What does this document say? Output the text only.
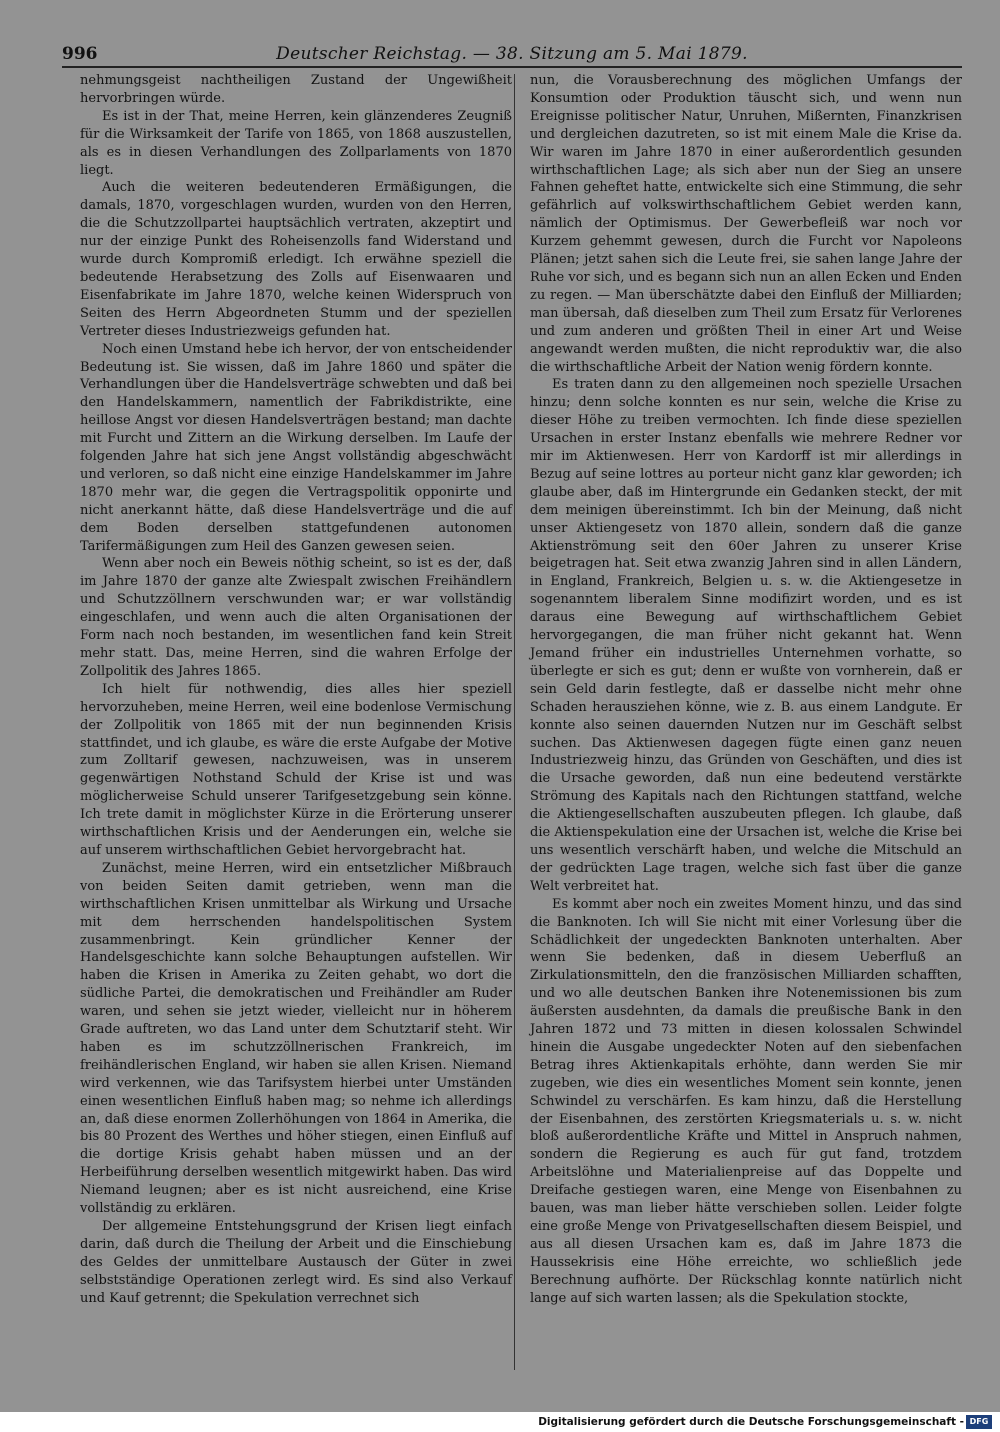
996	Deutscher Reichstag. — 38. Sitzung am 5. Mai 1879.

nehmungsgeist nachtheiligen Zustand der Ungewißheit hervorbringen würde.

Es ist in der That, meine Herren, kein glänzenderes Zeugniß für die Wirksamkeit der Tarife von 1865, von 1868 auszustellen, als es in diesen Verhandlungen des Zollparlaments von 1870 liegt.

Auch die weiteren bedeutenderen Ermäßigungen, die damals, 1870, vorgeschlagen wurden, wurden von den Herren, die die Schutzzollpartei hauptsächlich vertraten, akzeptirt und nur der einzige Punkt des Roheisenzolls fand Widerstand und wurde durch Kompromiß erledigt. Ich erwähne speziell die bedeutende Herabsetzung des Zolls auf Eisenwaaren und Eisenfabrikate im Jahre 1870, welche keinen Widerspruch von Seiten des Herrn Abgeordneten Stumm und der speziellen Vertreter dieses Industriezweigs gefunden hat.

Noch einen Umstand hebe ich hervor, der von entscheidender Bedeutung ist. Sie wissen, daß im Jahre 1860 und später die Verhandlungen über die Handelsverträge schwebten und daß bei den Handelskammern, namentlich der Fabrikdistrikte, eine heillose Angst vor diesen Handelsverträgen bestand; man dachte mit Furcht und Zittern an die Wirkung derselben. Im Laufe der folgenden Jahre hat sich jene Angst vollständig abgeschwächt und verloren, so daß nicht eine einzige Handelskammer im Jahre 1870 mehr war, die gegen die Vertragspolitik opponirte und nicht anerkannt hätte, daß diese Handelsverträge und die auf dem Boden derselben stattgefundenen autonomen Tarifermäßigungen zum Heil des Ganzen gewesen seien.

Wenn aber noch ein Beweis nöthig scheint, so ist es der, daß im Jahre 1870 der ganze alte Zwiespalt zwischen Freihändlern und Schutzzöllnern verschwunden war; er war vollständig eingeschlafen, und wenn auch die alten Organisationen der Form nach noch bestanden, im wesentlichen fand kein Streit mehr statt. Das, meine Herren, sind die wahren Erfolge der Zollpolitik des Jahres 1865.

Ich hielt für nothwendig, dies alles hier speziell hervorzuheben, meine Herren, weil eine bodenlose Vermischung der Zollpolitik von 1865 mit der nun beginnenden Krisis stattfindet, und ich glaube, es wäre die erste Aufgabe der Motive zum Zolltarif gewesen, nachzuweisen, was in unserem gegenwärtigen Nothstand Schuld der Krise ist und was möglicherweise Schuld unserer Tarifgesetzgebung sein könne. Ich trete damit in möglichster Kürze in die Erörterung unserer wirthschaftlichen Krisis und der Aenderungen ein, welche sie auf unserem wirthschaftlichen Gebiet hervorgebracht hat.

Zunächst, meine Herren, wird ein entsetzlicher Mißbrauch von beiden Seiten damit getrieben, wenn man die wirthschaftlichen Krisen unmittelbar als Wirkung und Ursache mit dem herrschenden handelspolitischen System zusammenbringt. Kein gründlicher Kenner der Handelsgeschichte kann solche Behauptungen aufstellen. Wir haben die Krisen in Amerika zu Zeiten gehabt, wo dort die südliche Partei, die demokratischen und Freihändler am Ruder waren, und sehen sie jetzt wieder, vielleicht nur in höherem Grade auftreten, wo das Land unter dem Schutztarif steht. Wir haben es im schutzzöllnerischen Frankreich, im freihändlerischen England, wir haben sie allen Krisen. Niemand wird verkennen, wie das Tarifsystem hierbei unter Umständen einen wesentlichen Einfluß haben mag; so nehme ich allerdings an, daß diese enormen Zollerhöhungen von 1864 in Amerika, die bis 80 Prozent des Werthes und höher stiegen, einen Einfluß auf die dortige Krisis gehabt haben müssen und an der Herbeiführung derselben wesentlich mitgewirkt haben. Das wird Niemand leugnen; aber es ist nicht ausreichend, eine Krise vollständig zu erklären.

Der allgemeine Entstehungsgrund der Krisen liegt einfach darin, daß durch die Theilung der Arbeit und die Einschiebung des Geldes der unmittelbare Austausch der Güter in zwei selbstständige Operationen zerlegt wird. Es sind also Verkauf und Kauf getrennt; die Spekulation verrechnet sich

nun, die Vorausberechnung des möglichen Umfangs der Konsumtion oder Produktion täuscht sich, und wenn nun Ereignisse politischer Natur, Unruhen, Mißernten, Finanzkrisen und dergleichen dazutreten, so ist mit einem Male die Krise da. Wir waren im Jahre 1870 in einer außerordentlich gesunden wirthschaftlichen Lage; als sich aber nun der Sieg an unsere Fahnen geheftet hatte, entwickelte sich eine Stimmung, die sehr gefährlich auf volkswirthschaftlichem Gebiet werden kann, nämlich der Optimismus. Der Gewerbefleiß war noch vor Kurzem gehemmt gewesen, durch die Furcht vor Napoleons Plänen; jetzt sahen sich die Leute frei, sie sahen lange Jahre der Ruhe vor sich, und es begann sich nun an allen Ecken und Enden zu regen. — Man überschätzte dabei den Einfluß der Milliarden; man übersah, daß dieselben zum Theil zum Ersatz für Verlorenes und zum anderen und größten Theil in einer Art und Weise angewandt werden mußten, die nicht reproduktiv war, die also die wirthschaftliche Arbeit der Nation wenig fördern konnte.

Es traten dann zu den allgemeinen noch spezielle Ursachen hinzu; denn solche konnten es nur sein, welche die Krise zu dieser Höhe zu treiben vermochten. Ich finde diese speziellen Ursachen in erster Instanz ebenfalls wie mehrere Redner vor mir im Aktienwesen. Herr von Kardorff ist mir allerdings in Bezug auf seine lottres au porteur nicht ganz klar geworden; ich glaube aber, daß im Hintergrunde ein Gedanken steckt, der mit dem meinigen übereinstimmt. Ich bin der Meinung, daß nicht unser Aktiengesetz von 1870 allein, sondern daß die ganze Aktienströmung seit den 60er Jahren zu unserer Krise beigetragen hat. Seit etwa zwanzig Jahren sind in allen Ländern, in England, Frankreich, Belgien u. s. w. die Aktiengesetze in sogenanntem liberalem Sinne modifizirt worden, und es ist daraus eine Bewegung auf wirthschaftlichem Gebiet hervorgegangen, die man früher nicht gekannt hat. Wenn Jemand früher ein industrielles Unternehmen vorhatte, so überlegte er sich es gut; denn er wußte von vornherein, daß er sein Geld darin festlegte, daß er dasselbe nicht mehr ohne Schaden herausziehen könne, wie z. B. aus einem Landgute. Er konnte also seinen dauernden Nutzen nur im Geschäft selbst suchen. Das Aktienwesen dagegen fügte einen ganz neuen Industriezweig hinzu, das Gründen von Geschäften, und dies ist die Ursache geworden, daß nun eine bedeutend verstärkte Strömung des Kapitals nach den Richtungen stattfand, welche die Aktiengesellschaften auszubeuten pflegen. Ich glaube, daß die Aktienspekulation eine der Ursachen ist, welche die Krise bei uns wesentlich verschärft haben, und welche die Mitschuld an der gedrückten Lage tragen, welche sich fast über die ganze Welt verbreitet hat.

Es kommt aber noch ein zweites Moment hinzu, und das sind die Banknoten. Ich will Sie nicht mit einer Vorlesung über die Schädlichkeit der ungedeckten Banknoten unterhalten. Aber wenn Sie bedenken, daß in diesem Ueberfluß an Zirkulationsmitteln, den die französischen Milliarden schafften, und wo alle deutschen Banken ihre Notenemissionen bis zum äußersten ausdehnten, da damals die preußische Bank in den Jahren 1872 und 73 mitten in diesen kolossalen Schwindel hinein die Ausgabe ungedeckter Noten auf den siebenfachen Betrag ihres Aktienkapitals erhöhte, dann werden Sie mir zugeben, wie dies ein wesentliches Moment sein konnte, jenen Schwindel zu verschärfen. Es kam hinzu, daß die Herstellung der Eisenbahnen, des zerstörten Kriegsmaterials u. s. w. nicht bloß außerordentliche Kräfte und Mittel in Anspruch nahmen, sondern die Regierung es auch für gut fand, trotzdem Arbeitslöhne und Materialienpreise auf das Doppelte und Dreifache gestiegen waren, eine Menge von Eisenbahnen zu bauen, was man lieber hätte verschieben sollen. Leider folgte eine große Menge von Privatgesellschaften diesem Beispiel, und aus all diesen Ursachen kam es, daß im Jahre 1873 die Haussekrisis eine Höhe erreichte, wo schließlich jede Berechnung aufhörte. Der Rückschlag konnte natürlich nicht lange auf sich warten lassen; als die Spekulation stockte,

Digitalisierung gefördert durch die Deutsche Forschungsgemeinschaft - DFG
